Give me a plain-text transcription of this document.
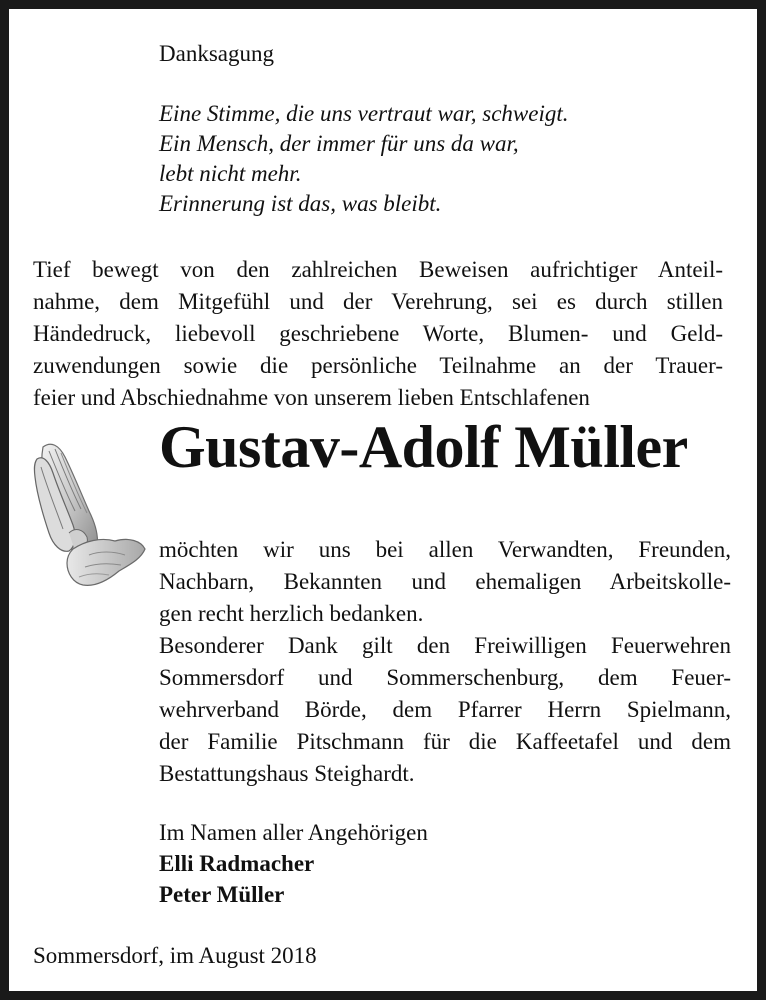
Danksagung
Eine Stimme, die uns vertraut war, schweigt.
Ein Mensch, der immer für uns da war,
lebt nicht mehr.
Erinnerung ist das, was bleibt.
Tief bewegt von den zahlreichen Beweisen aufrichtiger Anteil-
nahme, dem Mitgefühl und der Verehrung, sei es durch stillen
Händedruck, liebevoll geschriebene Worte, Blumen- und Geld-
zuwendungen sowie die persönliche Teilnahme an der Trauer-
feier und Abschiednahme von unserem lieben Entschlafenen
Gustav-Adolf Müller
möchten wir uns bei allen Verwandten, Freunden,
Nachbarn, Bekannten und ehemaligen Arbeitskolle-
gen recht herzlich bedanken.
Besonderer Dank gilt den Freiwilligen Feuerwehren
Sommersdorf und Sommerschenburg, dem Feuer-
wehrverband Börde, dem Pfarrer Herrn Spielmann,
der Familie Pitschmann für die Kaffeetafel und dem
Bestattungshaus Steighardt.
Im Namen aller Angehörigen
Elli Radmacher
Peter Müller
Sommersdorf, im August 2018
